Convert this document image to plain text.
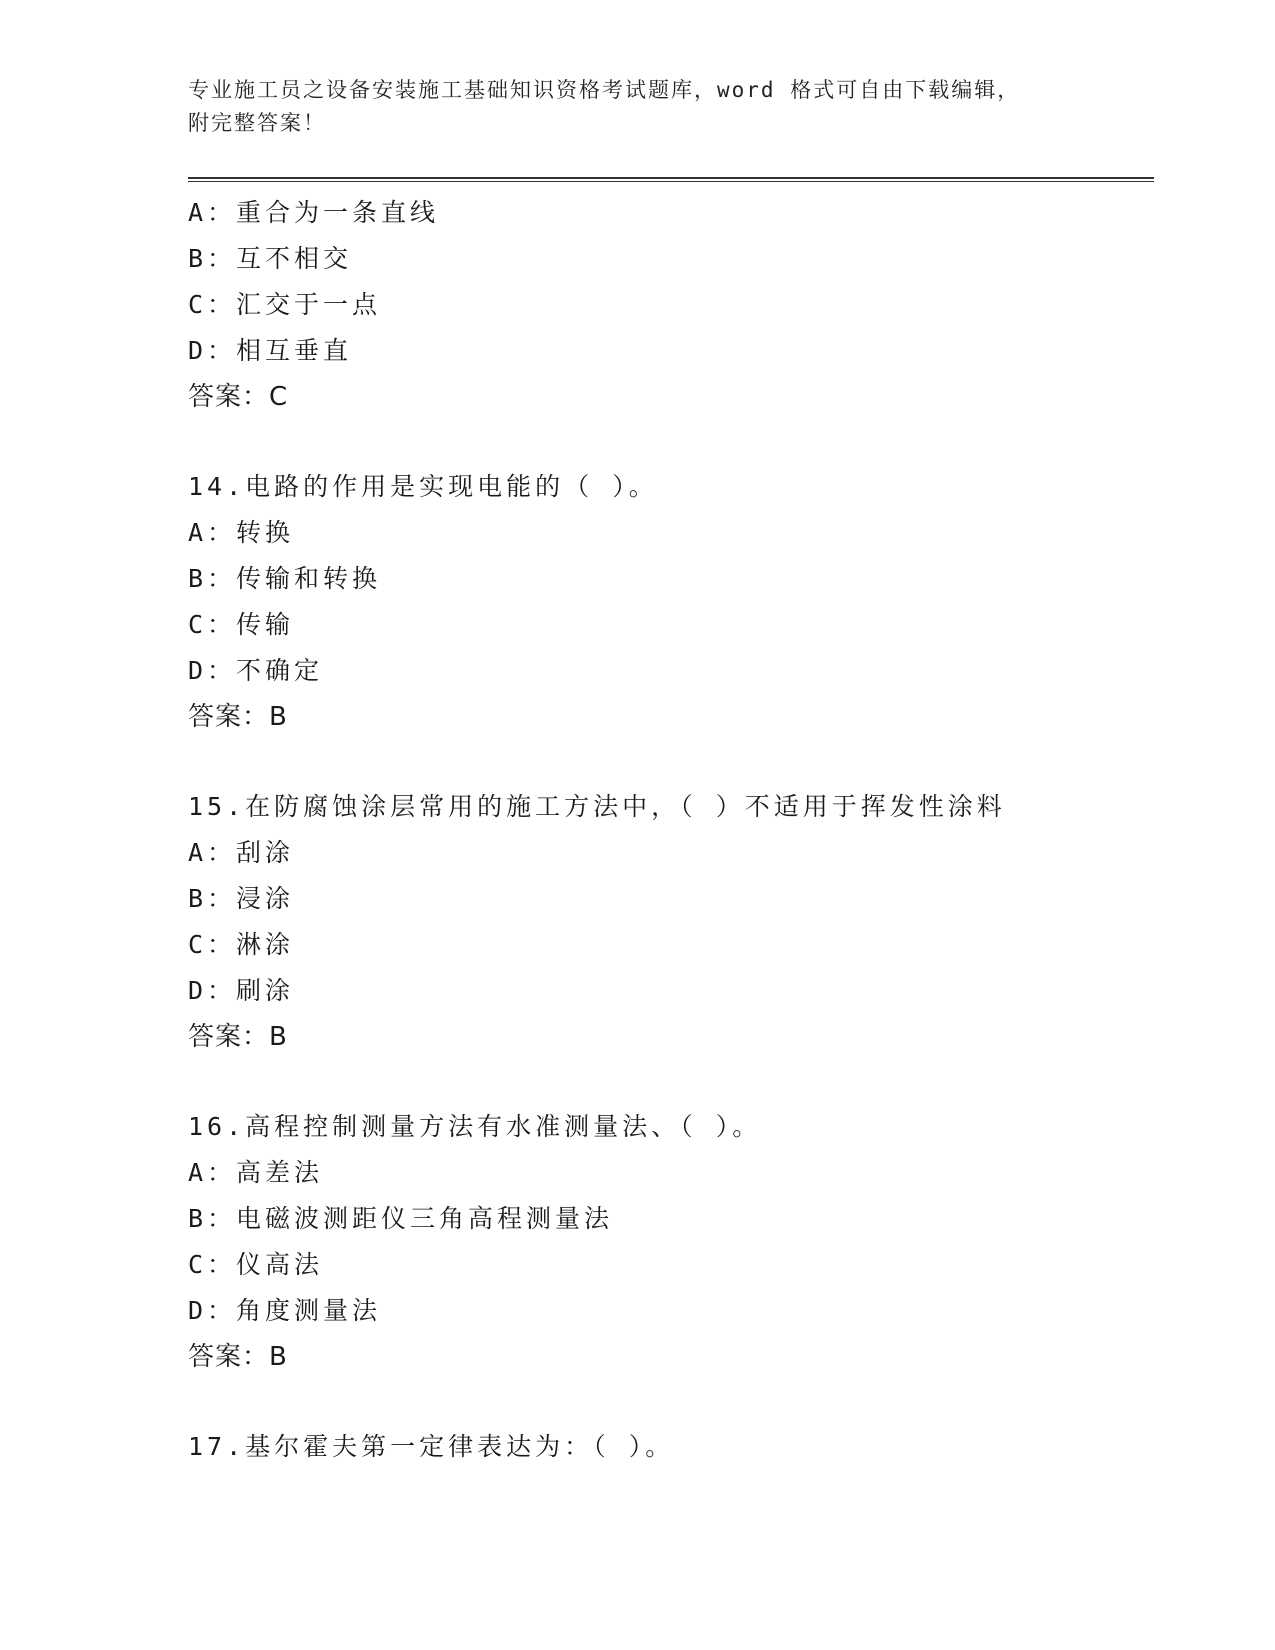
专业施工员之设备安装施工基础知识资格考试题库，word 格式可自由下载编辑，
附完整答案！
A：重合为一条直线
B：互不相交
C：汇交于一点
D：相互垂直
答案：C
14.电路的作用是实现电能的（ ）。
A：转换
B：传输和转换
C：传输
D：不确定
答案：B
15.在防腐蚀涂层常用的施工方法中，（ ）不适用于挥发性涂料
A：刮涂
B：浸涂
C：淋涂
D：刷涂
答案：B
16.高程控制测量方法有水准测量法、（ ）。
A：高差法
B：电磁波测距仪三角高程测量法
C：仪高法
D：角度测量法
答案：B
17.基尔霍夫第一定律表达为：（ ）。
